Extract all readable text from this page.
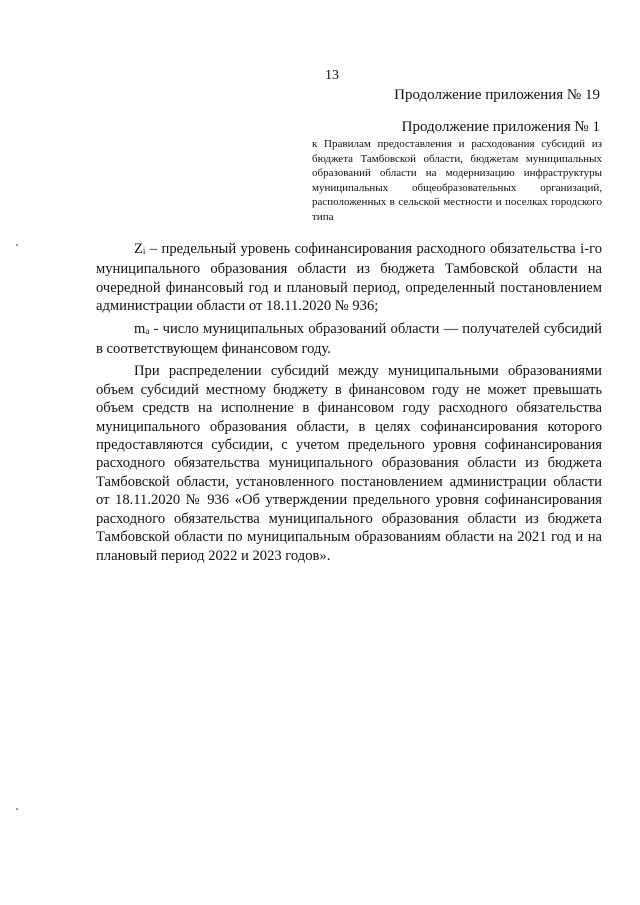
13
Продолжение приложения № 19
Продолжение приложения № 1
к Правилам предоставления и расходования субсидий из бюджета Тамбовской области, бюджетам муниципальных образований области на модернизацию инфраструктуры муниципальных общеобразовательных организаций, расположенных в сельской местности и поселках городского типа

Zi – предельный уровень софинансирования расходного обязательства i-го муниципального образования области из бюджета Тамбовской области на очередной финансовый год и плановый период, определенный постановлением администрации области от 18.11.2020 № 936;

ma - число муниципальных образований области — получателей субсидий в соответствующем финансовом году.

При распределении субсидий между муниципальными образованиями объем субсидий местному бюджету в финансовом году не может превышать объем средств на исполнение в финансовом году расходного обязательства муниципального образования области, в целях софинансирования которого предоставляются субсидии, с учетом предельного уровня софинансирования расходного обязательства муниципального образования области из бюджета Тамбовской области, установленного постановлением администрации области от 18.11.2020 № 936 «Об утверждении предельного уровня софинансирования расходного обязательства муниципального образования области из бюджета Тамбовской области по муниципальным образованиям области на 2021 год и на плановый период 2022 и 2023 годов».
